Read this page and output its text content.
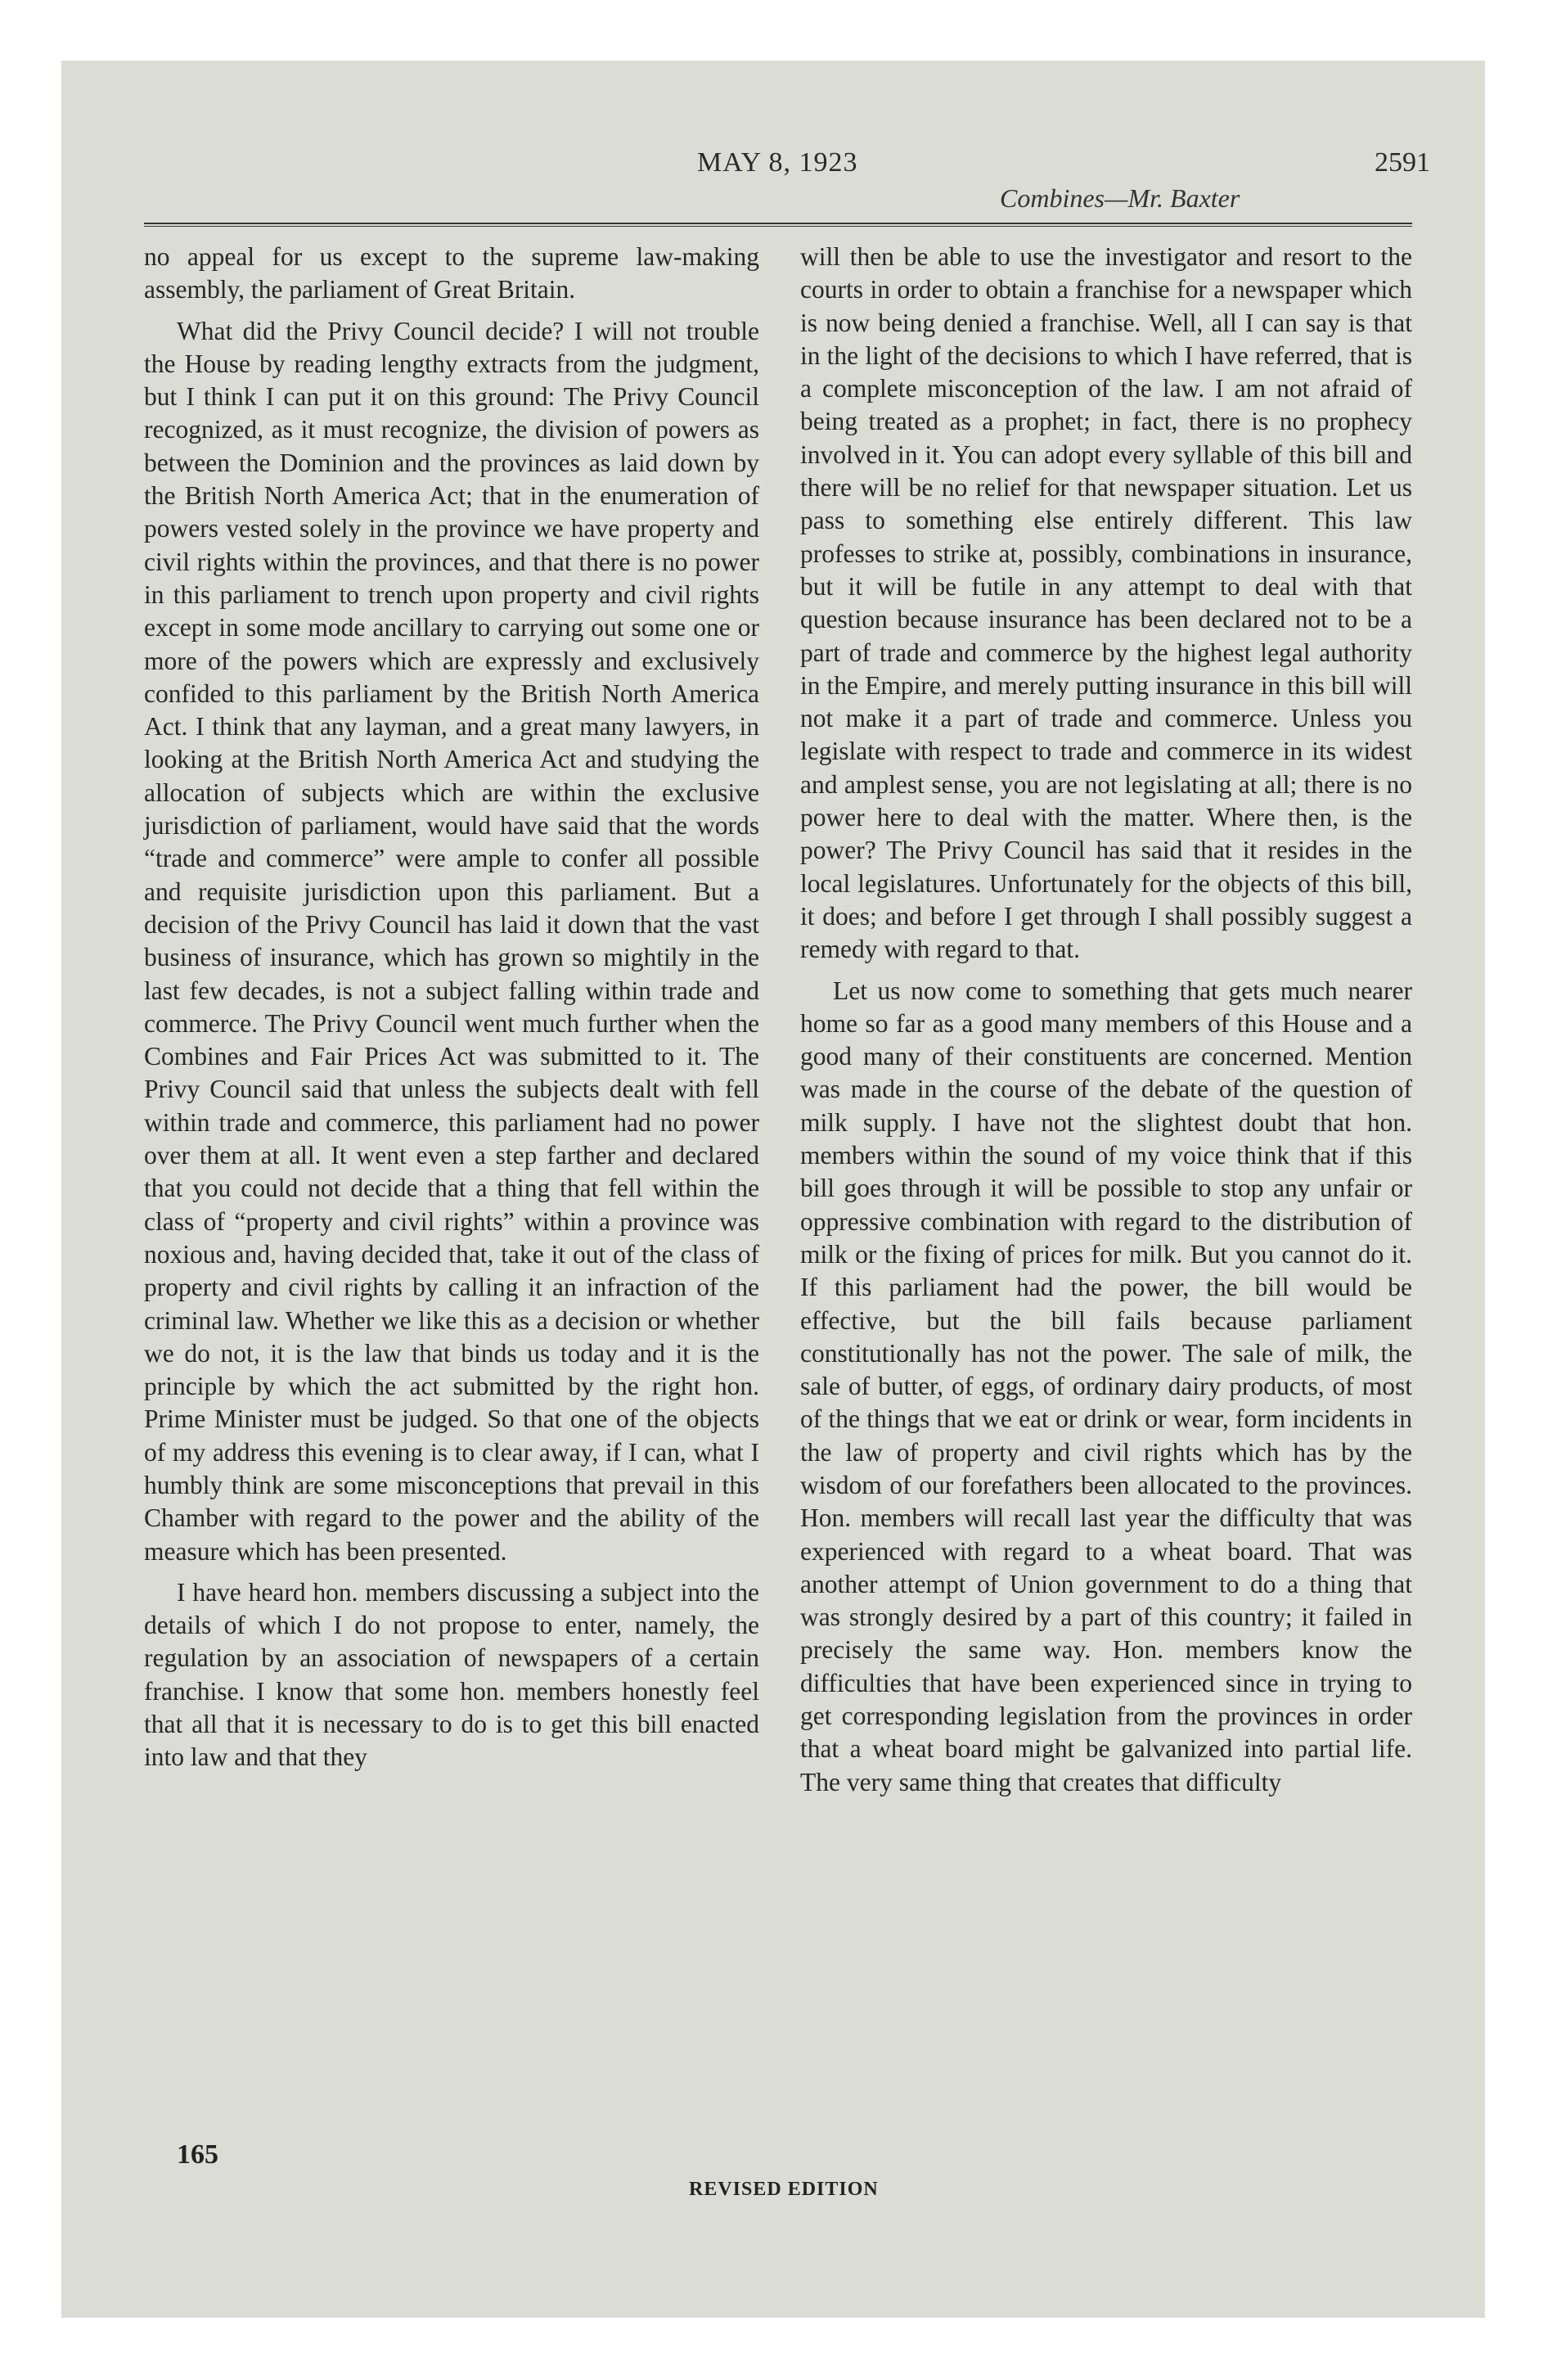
MAY 8, 1923	2591
Combines—Mr. Baxter

no appeal for us except to the supreme law-making assembly, the parliament of Great Britain.

What did the Privy Council decide? I will not trouble the House by reading lengthy extracts from the judgment, but I think I can put it on this ground: The Privy Council recognized, as it must recognize, the division of powers as between the Dominion and the provinces as laid down by the British North America Act; that in the enumeration of powers vested solely in the province we have property and civil rights within the provinces, and that there is no power in this parliament to trench upon property and civil rights except in some mode ancillary to carrying out some one or more of the powers which are expressly and exclusively confided to this parliament by the British North America Act. I think that any layman, and a great many lawyers, in looking at the British North America Act and studying the allocation of subjects which are within the exclusive jurisdiction of parliament, would have said that the words “trade and commerce” were ample to confer all possible and requisite jurisdiction upon this parliament. But a decision of the Privy Council has laid it down that the vast business of insurance, which has grown so mightily in the last few decades, is not a subject falling within trade and commerce. The Privy Council went much further when the Combines and Fair Prices Act was submitted to it. The Privy Council said that unless the subjects dealt with fell within trade and commerce, this parliament had no power over them at all. It went even a step farther and declared that you could not decide that a thing that fell within the class of “property and civil rights” within a province was noxious and, having decided that, take it out of the class of property and civil rights by calling it an infraction of the criminal law. Whether we like this as a decision or whether we do not, it is the law that binds us today and it is the principle by which the act submitted by the right hon. Prime Minister must be judged. So that one of the objects of my address this evening is to clear away, if I can, what I humbly think are some misconceptions that prevail in this Chamber with regard to the power and the ability of the measure which has been presented.

I have heard hon. members discussing a subject into the details of which I do not propose to enter, namely, the regulation by an association of newspapers of a certain franchise. I know that some hon. members honestly feel that all that it is necessary to do is to get this bill enacted into law and that they

will then be able to use the investigator and resort to the courts in order to obtain a franchise for a newspaper which is now being denied a franchise. Well, all I can say is that in the light of the decisions to which I have referred, that is a complete misconception of the law. I am not afraid of being treated as a prophet; in fact, there is no prophecy involved in it. You can adopt every syllable of this bill and there will be no relief for that newspaper situation. Let us pass to something else entirely different. This law professes to strike at, possibly, combinations in insurance, but it will be futile in any attempt to deal with that question because insurance has been declared not to be a part of trade and commerce by the highest legal authority in the Empire, and merely putting insurance in this bill will not make it a part of trade and commerce. Unless you legislate with respect to trade and commerce in its widest and amplest sense, you are not legislating at all; there is no power here to deal with the matter. Where then, is the power? The Privy Council has said that it resides in the local legislatures. Unfortunately for the objects of this bill, it does; and before I get through I shall possibly suggest a remedy with regard to that.

Let us now come to something that gets much nearer home so far as a good many members of this House and a good many of their constituents are concerned. Mention was made in the course of the debate of the question of milk supply. I have not the slightest doubt that hon. members within the sound of my voice think that if this bill goes through it will be possible to stop any unfair or oppressive combination with regard to the distribution of milk or the fixing of prices for milk. But you cannot do it. If this parliament had the power, the bill would be effective, but the bill fails because parliament constitutionally has not the power. The sale of milk, the sale of butter, of eggs, of ordinary dairy products, of most of the things that we eat or drink or wear, form incidents in the law of property and civil rights which has by the wisdom of our forefathers been allocated to the provinces. Hon. members will recall last year the difficulty that was experienced with regard to a wheat board. That was another attempt of Union government to do a thing that was strongly desired by a part of this country; it failed in precisely the same way. Hon. members know the difficulties that have been experienced since in trying to get corresponding legislation from the provinces in order that a wheat board might be galvanized into partial life. The very same thing that creates that difficulty

165
REVISED EDITION
